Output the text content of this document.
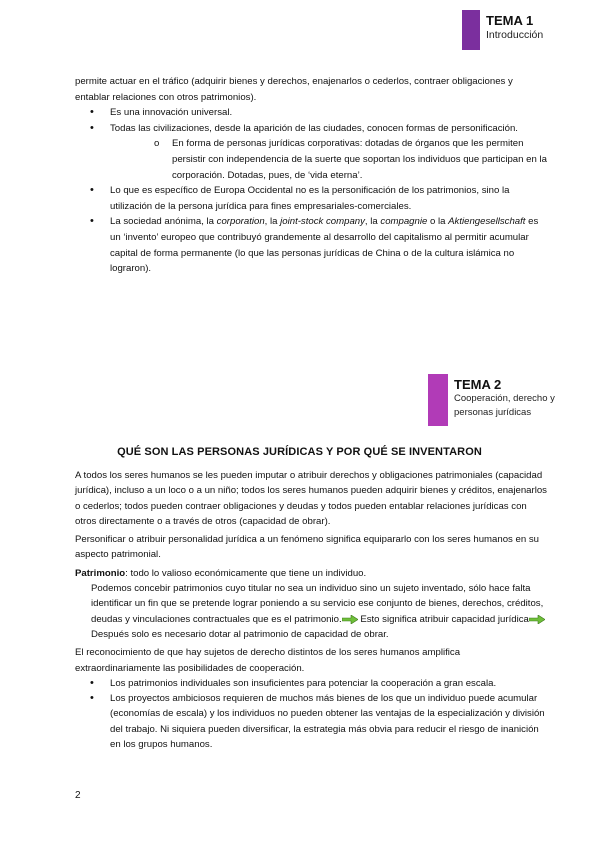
TEMA 1
Introducción

permite actuar en el tráfico (adquirir bienes y derechos, enajenarlos o cederlos, contraer obligaciones y entablar relaciones con otros patrimonios).

• Es una innovación universal.
• Todas las civilizaciones, desde la aparición de las ciudades, conocen formas de personificación.
o En forma de personas jurídicas corporativas: dotadas de órganos que les permiten persistir con independencia de la suerte que soportan los individuos que participan en la corporación. Dotadas, pues, de ‘vida eterna’.
• Lo que es específico de Europa Occidental no es la personificación de los patrimonios, sino la utilización de la persona jurídica para fines empresariales-comerciales.
• La sociedad anónima, la corporation, la joint-stock company, la compagnie o la Aktiengesellschaft es un ‘invento’ europeo que contribuyó grandemente al desarrollo del capitalismo al permitir acumular capital de forma permanente (lo que las personas jurídicas de China o de la cultura islámica no lograron).
TEMA 2
Cooperación, derecho y personas jurídicas
QUÉ SON LAS PERSONAS JURÍDICAS Y POR QUÉ SE INVENTARON

A todos los seres humanos se les pueden imputar o atribuir derechos y obligaciones patrimoniales (capacidad jurídica), incluso a un loco o a un niño; todos los seres humanos pueden adquirir bienes y créditos, enajenarlos o cederlos; todos pueden contraer obligaciones y deudas y todos pueden entablar relaciones jurídicas con otros directamente o a través de otros (capacidad de obrar).

Personificar o atribuir personalidad jurídica a un fenómeno significa equipararlo con los seres humanos en su aspecto patrimonial.

Patrimonio: todo lo valioso económicamente que tiene un individuo.

Podemos concebir patrimonios cuyo titular no sea un individuo sino un sujeto inventado, sólo hace falta identificar un fin que se pretende lograr poniendo a su servicio ese conjunto de bienes, derechos, créditos, deudas y vinculaciones contractuales que es el patrimonio. Esto significa atribuir capacidad jurídica Después solo es necesario dotar al patrimonio de capacidad de obrar.

El reconocimiento de que hay sujetos de derecho distintos de los seres humanos amplifica extraordinariamente las posibilidades de cooperación.

• Los patrimonios individuales son insuficientes para potenciar la cooperación a gran escala.
• Los proyectos ambiciosos requieren de muchos más bienes de los que un individuo puede acumular (economías de escala) y los individuos no pueden obtener las ventajas de la especialización y división del trabajo. Ni siquiera pueden diversificar, la estrategia más obvia para reducir el riesgo de inanición en los grupos humanos.
2
